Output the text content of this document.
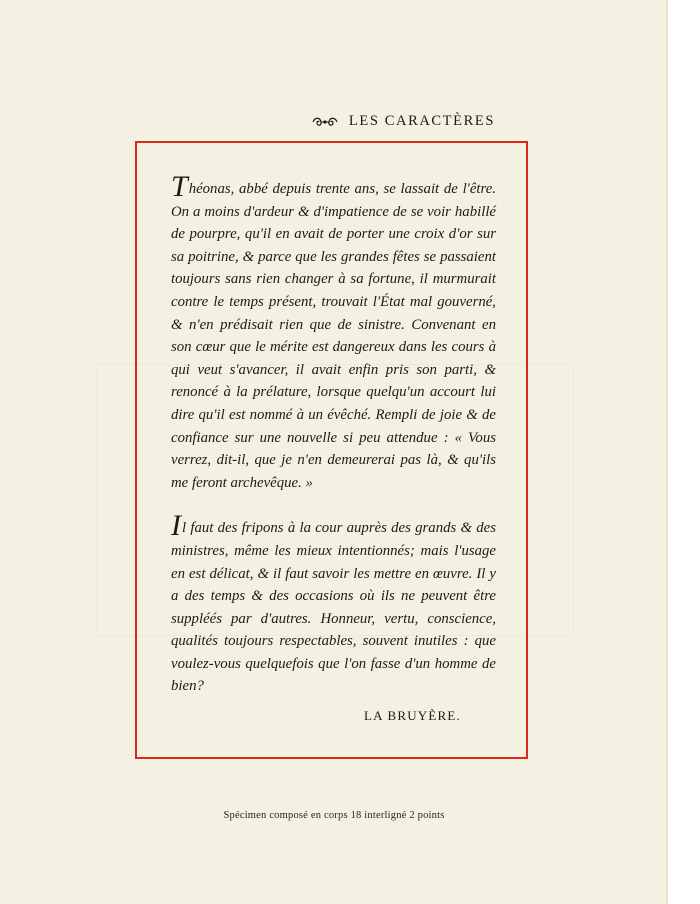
LES CARACTÈRES

Théonas, abbé depuis trente ans, se lassait de l'être. On a moins d'ardeur & d'impatience de se voir habillé de pourpre, qu'il en avait de porter une croix d'or sur sa poitrine, & parce que les grandes fêtes se passaient toujours sans rien changer à sa fortune, il murmurait contre le temps présent, trouvait l'État mal gouverné, & n'en prédisait rien que de sinistre. Convenant en son cœur que le mérite est dangereux dans les cours à qui veut s'avancer, il avait enfin pris son parti, & renoncé à la prélature, lorsque quelqu'un accourt lui dire qu'il est nommé à un évêché. Rempli de joie & de confiance sur une nouvelle si peu attendue : « Vous verrez, dit-il, que je n'en demeurerai pas là, & qu'ils me feront archevêque. »

Il faut des fripons à la cour auprès des grands & des ministres, même les mieux intentionnés; mais l'usage en est délicat, & il faut savoir les mettre en œuvre. Il y a des temps & des occasions où ils ne peuvent être suppléés par d'autres. Honneur, vertu, conscience, qualités toujours respectables, souvent inutiles : que voulez-vous quelquefois que l'on fasse d'un homme de bien?

LA BRUYÈRE.
Spécimen composé en corps 18 interligné 2 points
